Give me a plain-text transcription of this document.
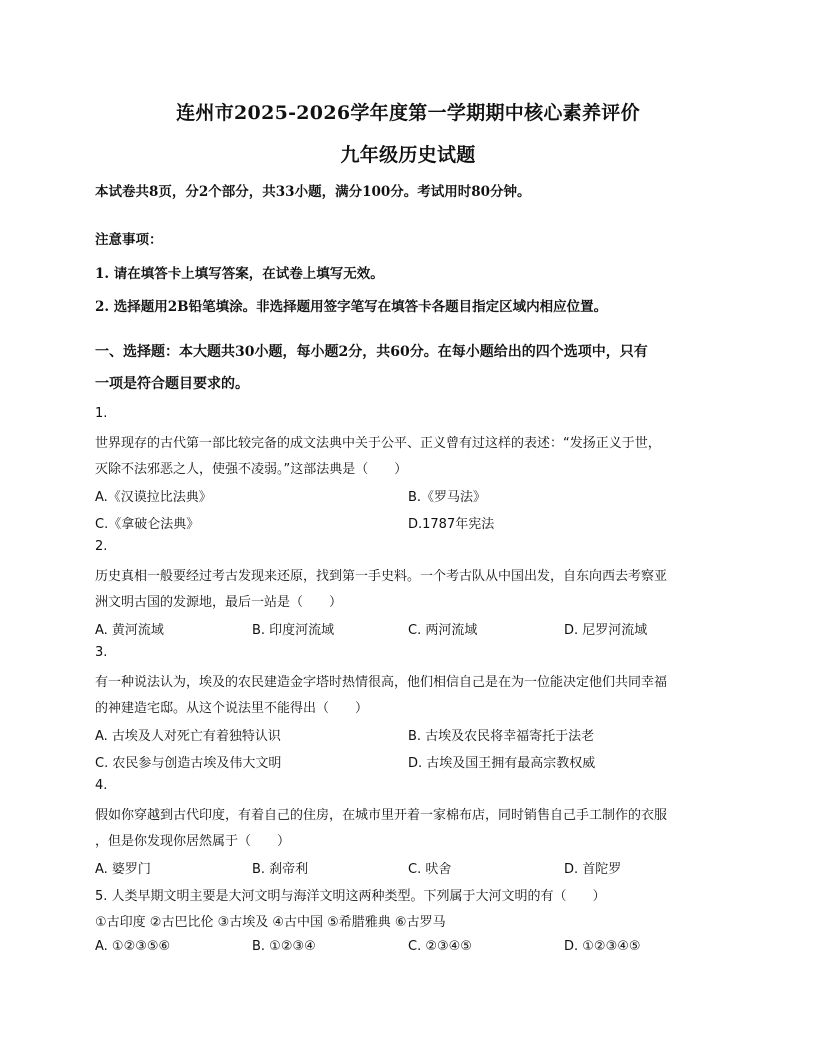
连州市2025-2026学年度第一学期期中核心素养评价
九年级历史试题
本试卷共8页，分2个部分，共33小题，满分100分。考试用时80分钟。
注意事项：
1. 请在填答卡上填写答案，在试卷上填写无效。
2. 选择题用2B铅笔填涂。非选择题用签字笔写在填答卡各题目指定区域内相应位置。
一、选择题：本大题共30小题，每小题2分，共60分。在每小题给出的四个选项中，只有
一项是符合题目要求的。
1.
世界现存的古代第一部比较完备的成文法典中关于公平、正义曾有过这样的表述：“发扬正义于世，
灭除不法邪恶之人，使强不凌弱。”这部法典是（　　）
A.《汉谟拉比法典》	B.《罗马法》
C.《拿破仑法典》	D.1787年宪法
2.
历史真相一般要经过考古发现来还原，找到第一手史料。一个考古队从中国出发，自东向西去考察亚
洲文明古国的发源地，最后一站是（　　）
A. 黄河流域	B. 印度河流域	C. 两河流域	D. 尼罗河流域
3.
有一种说法认为，埃及的农民建造金字塔时热情很高，他们相信自己是在为一位能决定他们共同幸福
的神建造宅邸。从这个说法里不能得出（　　）
A. 古埃及人对死亡有着独特认识	B. 古埃及农民将幸福寄托于法老
C. 农民参与创造古埃及伟大文明	D. 古埃及国王拥有最高宗教权威
4.
假如你穿越到古代印度，有着自己的住房，在城市里开着一家棉布店，同时销售自己手工制作的衣服
，但是你发现你居然属于（　　）
A. 婆罗门	B. 刹帝利	C. 吠舍	D. 首陀罗
5. 人类早期文明主要是大河文明与海洋文明这两种类型。下列属于大河文明的有（　　）
①古印度 ②古巴比伦 ③古埃及 ④古中国 ⑤希腊雅典 ⑥古罗马
A. ①②③⑤⑥	B. ①②③④	C. ②③④⑤	D. ①②③④⑤
